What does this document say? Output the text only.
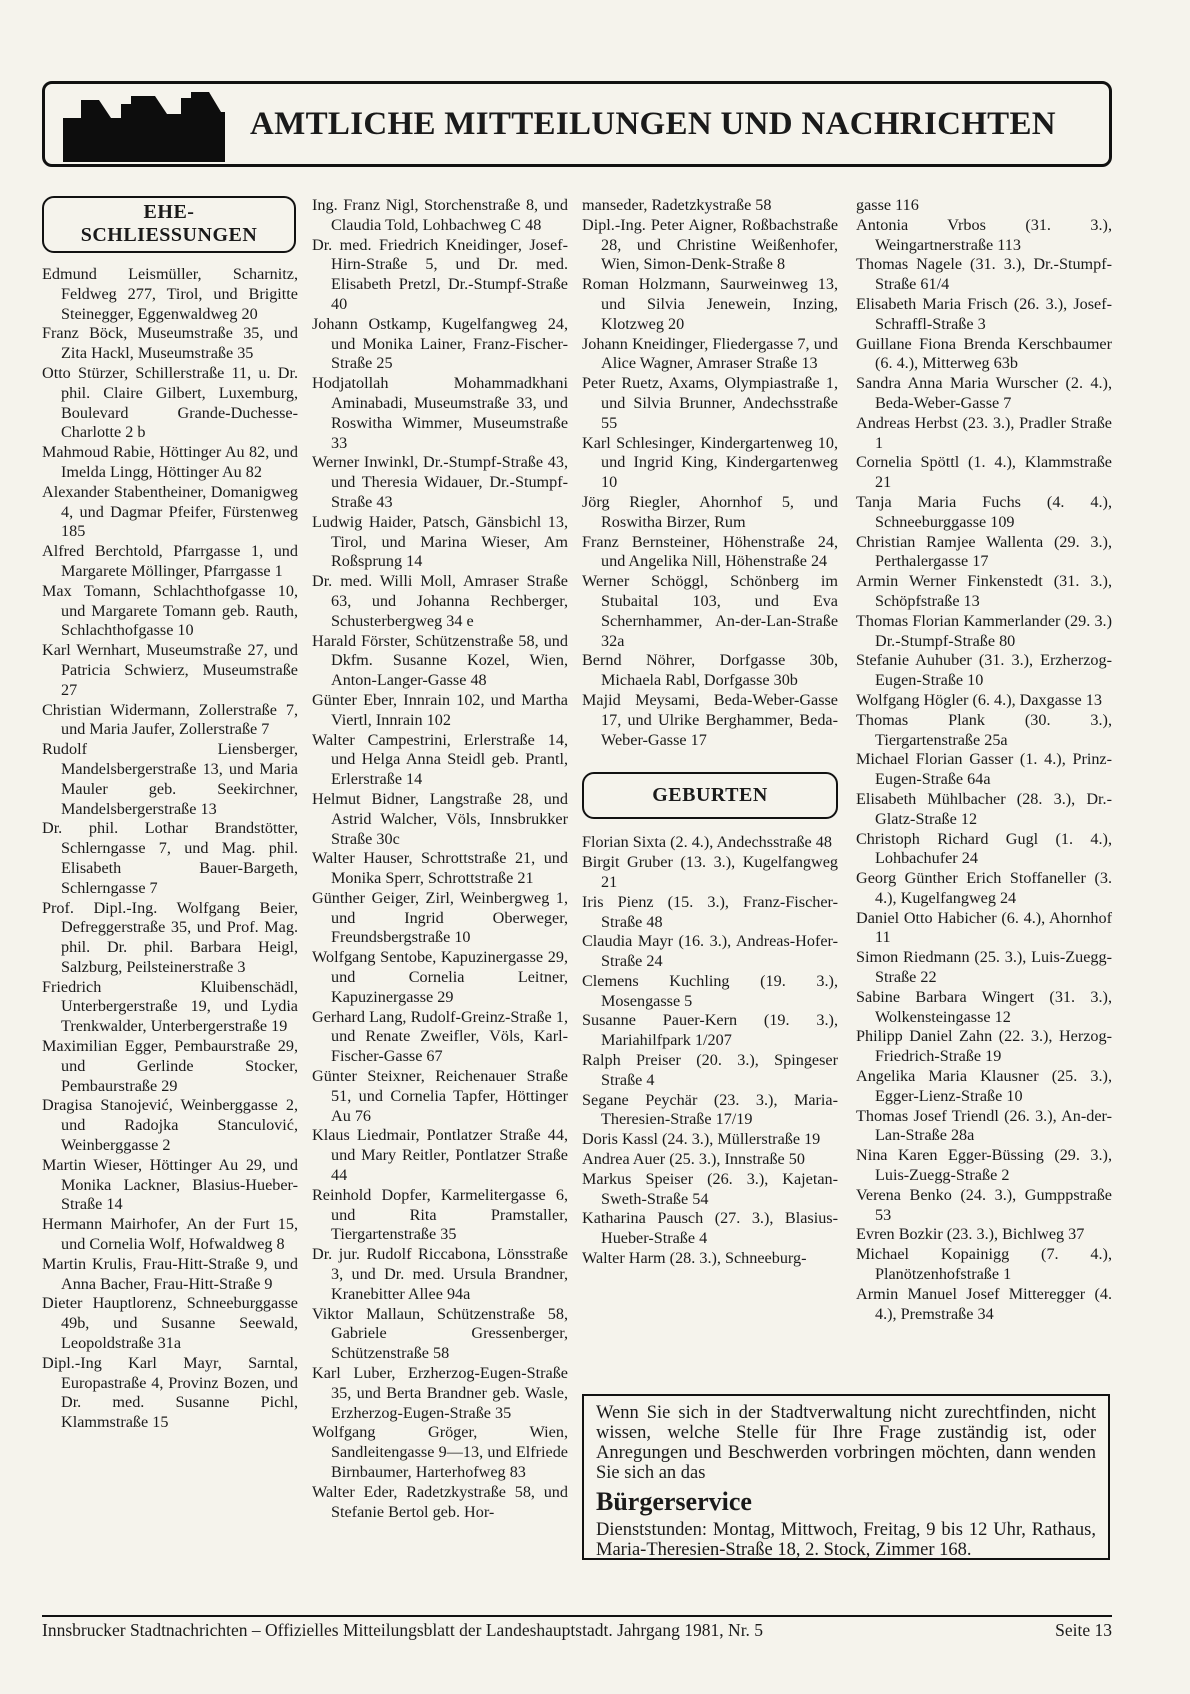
AMTLICHE MITTEILUNGEN UND NACHRICHTEN
EHE-
SCHLIESSUNGEN
Edmund Leismüller, Scharnitz, Feldweg 277, Tirol, und Brigitte Steinegger, Eggenwaldweg 20
Franz Böck, Museumstraße 35, und Zita Hackl, Museumstraße 35
Otto Stürzer, Schillerstraße 11, u. Dr. phil. Claire Gilbert, Luxemburg, Boulevard Grande-Duchesse-Charlotte 2 b
Mahmoud Rabie, Höttinger Au 82, und Imelda Lingg, Höttinger Au 82
Alexander Stabentheiner, Domanigweg 4, und Dagmar Pfeifer, Fürstenweg 185
Alfred Berchtold, Pfarrgasse 1, und Margarete Möllinger, Pfarrgasse 1
Max Tomann, Schlachthofgasse 10, und Margarete Tomann geb. Rauth, Schlachthofgasse 10
Karl Wernhart, Museumstraße 27, und Patricia Schwierz, Museumstraße 27
Christian Widermann, Zollerstraße 7, und Maria Jaufer, Zollerstraße 7
Rudolf Liensberger, Mandelsbergerstraße 13, und Maria Mauler geb. Seekirchner, Mandelsbergerstraße 13
Dr. phil. Lothar Brandstötter, Schlerngasse 7, und Mag. phil. Elisabeth Bauer-Bargeth, Schlerngasse 7
Prof. Dipl.-Ing. Wolfgang Beier, Defreggerstraße 35, und Prof. Mag. phil. Dr. phil. Barbara Heigl, Salzburg, Peilsteinerstraße 3
Friedrich Kluibenschädl, Unterbergerstraße 19, und Lydia Trenkwalder, Unterbergerstraße 19
Maximilian Egger, Pembaurstraße 29, und Gerlinde Stocker, Pembaurstraße 29
Dragisa Stanojević, Weinberggasse 2, und Radojka Stanculović, Weinberggasse 2
Martin Wieser, Höttinger Au 29, und Monika Lackner, Blasius-Hueber-Straße 14
Hermann Mairhofer, An der Furt 15, und Cornelia Wolf, Hofwaldweg 8
Martin Krulis, Frau-Hitt-Straße 9, und Anna Bacher, Frau-Hitt-Straße 9
Dieter Hauptlorenz, Schneeburggasse 49b, und Susanne Seewald, Leopoldstraße 31a
Dipl.-Ing Karl Mayr, Sarntal, Europastraße 4, Provinz Bozen, und Dr. med. Susanne Pichl, Klammstraße 15
Ing. Franz Nigl, Storchenstraße 8, und Claudia Told, Lohbachweg C 48
Dr. med. Friedrich Kneidinger, Josef-Hirn-Straße 5, und Dr. med. Elisabeth Pretzl, Dr.-Stumpf-Straße 40
Johann Ostkamp, Kugelfangweg 24, und Monika Lainer, Franz-Fischer-Straße 25
Hodjatollah Mohammadkhani Aminabadi, Museumstraße 33, und Roswitha Wimmer, Museumstraße 33
Werner Inwinkl, Dr.-Stumpf-Straße 43, und Theresia Widauer, Dr.-Stumpf-Straße 43
Ludwig Haider, Patsch, Gänsbichl 13, Tirol, und Marina Wieser, Am Roßsprung 14
Dr. med. Willi Moll, Amraser Straße 63, und Johanna Rechberger, Schusterbergweg 34 e
Harald Förster, Schützenstraße 58, und Dkfm. Susanne Kozel, Wien, Anton-Langer-Gasse 48
Günter Eber, Innrain 102, und Martha Viertl, Innrain 102
Walter Campestrini, Erlerstraße 14, und Helga Anna Steidl geb. Prantl, Erlerstraße 14
Helmut Bidner, Langstraße 28, und Astrid Walcher, Völs, Innsbrukker Straße 30c
Walter Hauser, Schrottstraße 21, und Monika Sperr, Schrottstraße 21
Günther Geiger, Zirl, Weinbergweg 1, und Ingrid Oberweger, Freundsbergstraße 10
Wolfgang Sentobe, Kapuzinergasse 29, und Cornelia Leitner, Kapuzinergasse 29
Gerhard Lang, Rudolf-Greinz-Straße 1, und Renate Zweifler, Völs, Karl-Fischer-Gasse 67
Günter Steixner, Reichenauer Straße 51, und Cornelia Tapfer, Höttinger Au 76
Klaus Liedmair, Pontlatzer Straße 44, und Mary Reitler, Pontlatzer Straße 44
Reinhold Dopfer, Karmelitergasse 6, und Rita Pramstaller, Tiergartenstraße 35
Dr. jur. Rudolf Riccabona, Lönsstraße 3, und Dr. med. Ursula Brandner, Kranebitter Allee 94a
Viktor Mallaun, Schützenstraße 58, Gabriele Gressenberger, Schützenstraße 58
Karl Luber, Erzherzog-Eugen-Straße 35, und Berta Brandner geb. Wasle, Erzherzog-Eugen-Straße 35
Wolfgang Gröger, Wien, Sandleitengasse 9—13, und Elfriede Birnbaumer, Harterhofweg 83
Walter Eder, Radetzkystraße 58, und Stefanie Bertol geb. Hor-
manseder, Radetzkystraße 58
Dipl.-Ing. Peter Aigner, Roßbachstraße 28, und Christine Weißenhofer, Wien, Simon-Denk-Straße 8
Roman Holzmann, Saurweinweg 13, und Silvia Jenewein, Inzing, Klotzweg 20
Johann Kneidinger, Fliedergasse 7, und Alice Wagner, Amraser Straße 13
Peter Ruetz, Axams, Olympiastraße 1, und Silvia Brunner, Andechsstraße 55
Karl Schlesinger, Kindergartenweg 10, und Ingrid King, Kindergartenweg 10
Jörg Riegler, Ahornhof 5, und Roswitha Birzer, Rum
Franz Bernsteiner, Höhenstraße 24, und Angelika Nill, Höhenstraße 24
Werner Schöggl, Schönberg im Stubaital 103, und Eva Schernhammer, An-der-Lan-Straße 32a
Bernd Nöhrer, Dorfgasse 30b, Michaela Rabl, Dorfgasse 30b
Majid Meysami, Beda-Weber-Gasse 17, und Ulrike Berghammer, Beda-Weber-Gasse 17
GEBURTEN
Florian Sixta (2. 4.), Andechsstraße 48
Birgit Gruber (13. 3.), Kugelfangweg 21
Iris Pienz (15. 3.), Franz-Fischer-Straße 48
Claudia Mayr (16. 3.), Andreas-Hofer-Straße 24
Clemens Kuchling (19. 3.), Mosengasse 5
Susanne Pauer-Kern (19. 3.), Mariahilfpark 1/207
Ralph Preiser (20. 3.), Spingeser Straße 4
Segane Peychär (23. 3.), Maria-Theresien-Straße 17/19
Doris Kassl (24. 3.), Müllerstraße 19
Andrea Auer (25. 3.), Innstraße 50
Markus Speiser (26. 3.), Kajetan-Sweth-Straße 54
Katharina Pausch (27. 3.), Blasius-Hueber-Straße 4
Walter Harm (28. 3.), Schneeburg-
gasse 116
Antonia Vrbos (31. 3.), Weingartnerstraße 113
Thomas Nagele (31. 3.), Dr.-Stumpf-Straße 61/4
Elisabeth Maria Frisch (26. 3.), Josef-Schraffl-Straße 3
Guillane Fiona Brenda Kerschbaumer (6. 4.), Mitterweg 63b
Sandra Anna Maria Wurscher (2. 4.), Beda-Weber-Gasse 7
Andreas Herbst (23. 3.), Pradler Straße 1
Cornelia Spöttl (1. 4.), Klammstraße 21
Tanja Maria Fuchs (4. 4.), Schneeburggasse 109
Christian Ramjee Wallenta (29. 3.), Perthalergasse 17
Armin Werner Finkenstedt (31. 3.), Schöpfstraße 13
Thomas Florian Kammerlander (29. 3.) Dr.-Stumpf-Straße 80
Stefanie Auhuber (31. 3.), Erzherzog-Eugen-Straße 10
Wolfgang Högler (6. 4.), Daxgasse 13
Thomas Plank (30. 3.), Tiergartenstraße 25a
Michael Florian Gasser (1. 4.), Prinz-Eugen-Straße 64a
Elisabeth Mühlbacher (28. 3.), Dr.-Glatz-Straße 12
Christoph Richard Gugl (1. 4.), Lohbachufer 24
Georg Günther Erich Stoffaneller (3. 4.), Kugelfangweg 24
Daniel Otto Habicher (6. 4.), Ahornhof 11
Simon Riedmann (25. 3.), Luis-Zuegg-Straße 22
Sabine Barbara Wingert (31. 3.), Wolkensteingasse 12
Philipp Daniel Zahn (22. 3.), Herzog-Friedrich-Straße 19
Angelika Maria Klausner (25. 3.), Egger-Lienz-Straße 10
Thomas Josef Triendl (26. 3.), An-der-Lan-Straße 28a
Nina Karen Egger-Büssing (29. 3.), Luis-Zuegg-Straße 2
Verena Benko (24. 3.), Gumppstraße 53
Evren Bozkir (23. 3.), Bichlweg 37
Michael Kopainigg (7. 4.), Planötzenhofstraße 1
Armin Manuel Josef Mitteregger (4. 4.), Premstraße 34

Wenn Sie sich in der Stadtverwaltung nicht zurechtfinden, nicht wissen, welche Stelle für Ihre Frage zuständig ist, oder Anregungen und Beschwerden vorbringen möchten, dann wenden Sie sich an das

Bürgerservice

Dienststunden: Montag, Mittwoch, Freitag, 9 bis 12 Uhr, Rathaus, Maria-Theresien-Straße 18, 2. Stock, Zimmer 168.

Innsbrucker Stadtnachrichten – Offizielles Mitteilungsblatt der Landeshauptstadt. Jahrgang 1981, Nr. 5	Seite 13
